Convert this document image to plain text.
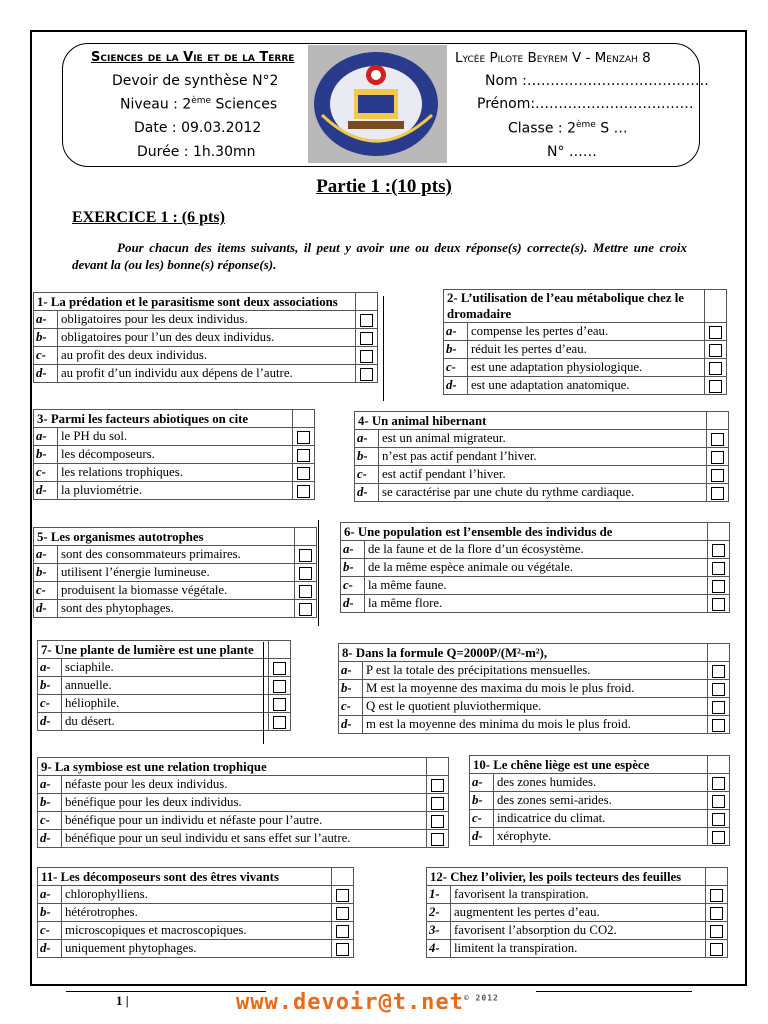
Sciences de la Vie et de la Terre
Devoir de synthèse N°2
Niveau : 2ème Sciences
Date : 09.03.2012
Durée : 1h.30mn
Lycée Pilote Beyrem V - Menzah 8
Nom :…………………………………
Prénom:……………………….……
Classe : 2ème S …
N° ……
Partie 1 :(10 pts)
EXERCICE 1 : (6 pts)
Pour chacun des items suivants, il peut y avoir une ou deux réponse(s) correcte(s). Mettre une croix devant la (ou les) bonne(s) réponse(s).
1- La prédation et le parasitisme sont deux associations		
a-	obligatoires pour les deux individus.	
b-	obligatoires pour l’un des deux individus.	
c-	au profit des deux individus.	
d-	au profit d’un individu aux dépens de l’autre.	
2- L’utilisation de l’eau métabolique chez le dromadaire		
a-	compense les pertes d’eau.	
b-	réduit les pertes d’eau.	
c-	est une adaptation physiologique.	
d-	est une adaptation anatomique.	
3- Parmi les facteurs abiotiques on cite		
a-	le PH du sol.	
b-	les décomposeurs.	
c-	les relations trophiques.	
d-	la pluviométrie.	
4- Un animal hibernant		
a-	est un animal migrateur.	
b-	n’est pas actif pendant l’hiver.	
c-	est actif pendant l’hiver.	
d-	se caractérise par une chute du rythme cardiaque.	
5- Les organismes autotrophes		
a-	sont des consommateurs primaires.	
b-	utilisent l’énergie lumineuse.	
c-	produisent la biomasse végétale.	
d-	sont des phytophages.	
6- Une population est l’ensemble des individus de		
a-	de la faune et de la flore d’un écosystème.	
b-	de la même espèce animale ou végétale.	
c-	la même faune.	
d-	la même flore.	
7- Une plante de lumière est une plante		
a-	sciaphile.	
b-	annuelle.	
c-	héliophile.	
d-	du désert.	
8- Dans la formule Q=2000P/(M²-m²),		
a-	P est la totale des précipitations mensuelles.	
b-	M est la moyenne des maxima du mois le plus froid.	
c-	Q est le quotient pluviothermique.	
d-	m est la moyenne des minima du mois le plus froid.	
9- La symbiose est une relation trophique		
a-	néfaste pour les deux individus.	
b-	bénéfique pour les deux individus.	
c-	bénéfique pour un individu et néfaste pour l’autre.	
d-	bénéfique pour un seul individu et sans effet sur l’autre.	
10- Le chêne liège est une espèce		
a-	des zones humides.	
b-	des zones semi-arides.	
c-	indicatrice du climat.	
d-	xérophyte.	
11- Les décomposeurs sont des êtres vivants		
a-	chlorophylliens.	
b-	hétérotrophes.	
c-	microscopiques et macroscopiques.	
d-	uniquement phytophages.	
12- Chez l’olivier, les poils tecteurs des feuilles		
1-	favorisent la transpiration.	
2-	augmentent les pertes d’eau.	
3-	favorisent l’absorption du CO2.	
4-	limitent la transpiration.	
1 |	www.devoir@t.net$^{© 2012}$
